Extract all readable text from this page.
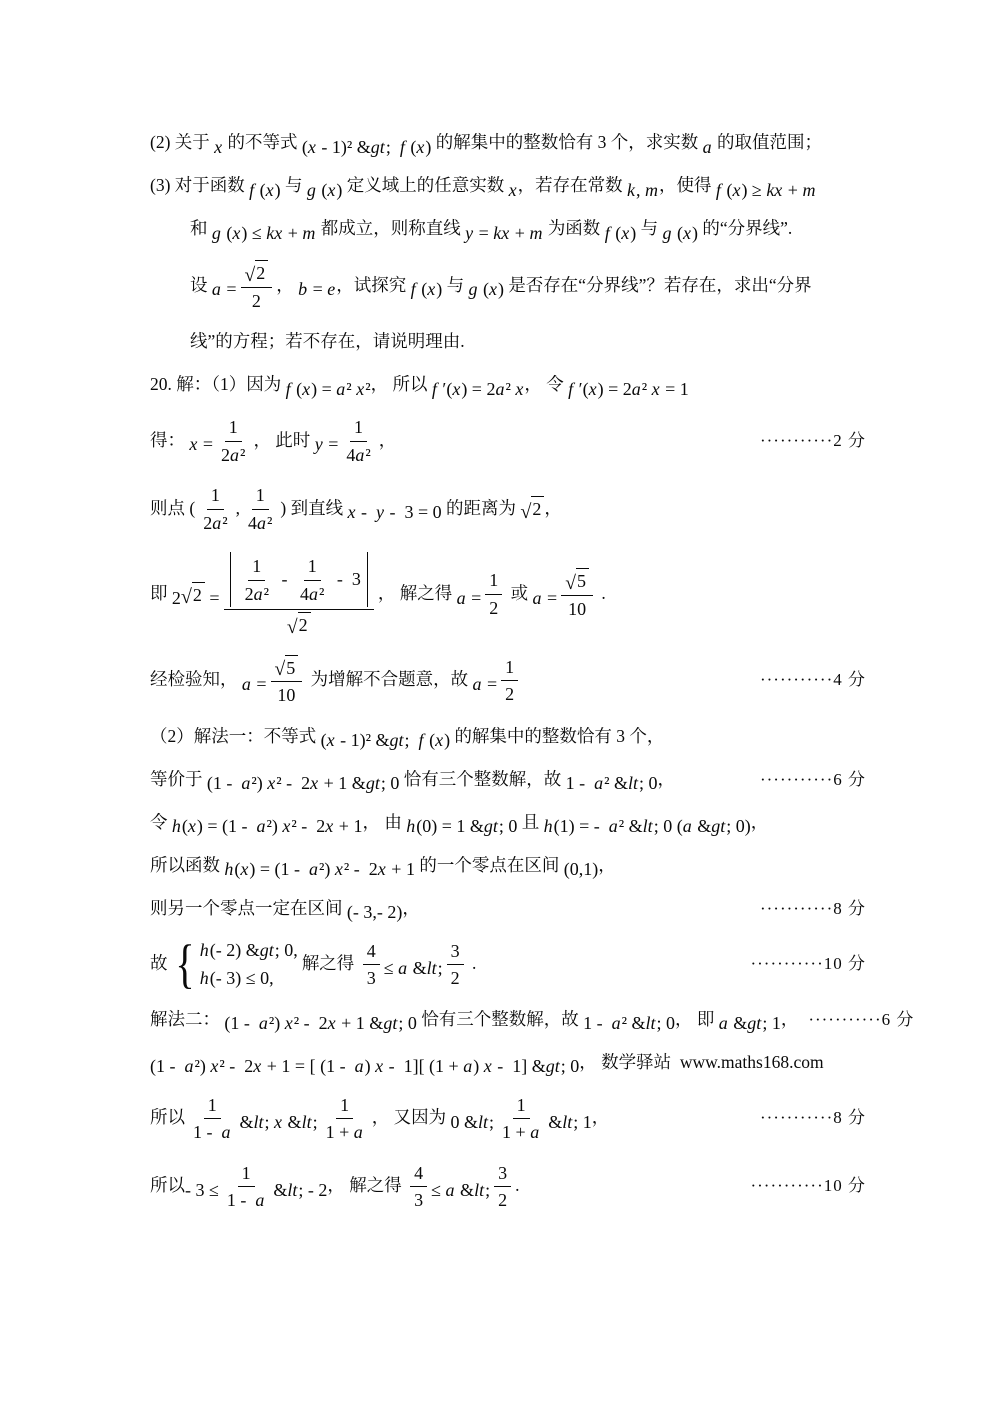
(2) 关于 x 的不等式 (x - 1)² &gt;  f (x) 的解集中的整数恰有 3 个，求实数 a 的取值范围；
(3) 对于函数 f (x) 与 g (x) 定义域上的任意实数 x ，若存在常数 k, m ，使得 f (x) ≥ kx + m
和 g (x) ≤ kx + m 都成立，则称直线 y = kx + m 为函数 f (x) 与 g (x) 的“分界线”.
设 $a = \frac{√ 2}{2}$ ， b = e ，试探究 f (x) 与 g (x) 是否存在“分界线”？若存在，求出“分界
线”的方程；若不存在，请说明理由.
20. 解：（1）因为 f (x) = a² x² ， 所以 f ′(x) = 2a² x ， 令 f ′(x) = 2a² x = 1
得： $x = \frac{1}{\text{2a²}}$ ， 此时 $y = \frac{1}{\text{4a²}}$ ，	···········2 分
则点 ( $\frac{1}{\text{2a²}}$ , $\frac{1}{\text{4a²}}$ ) 到直线 x -  y -  3 = 0 的距离为 √ 2 ，
即 2 √ $2 = \frac{\frac{1}{\text{2a²}} - \frac{1}{\text{4a²}} - 3}{√ 2}$ ， 解之得 $a = \frac{1}{2}$ 或 $a = \frac{√ 5}{10}$ .
经检验知， $a = \frac{√ 5}{10}$ 为增解不合题意，故 $a = \frac{1}{2}$	···········4 分
（2）解法一：不等式 (x - 1)² &gt;  f (x) 的解集中的整数恰有 3 个，
等价于 (1 -  a²) x² -  2x + 1 &gt; 0 恰有三个整数解，故 1 -  a² &lt; 0 ，	···········6 分
令 h(x) = (1 -  a²) x² -  2x + 1 ， 由 h(0) = 1 &gt; 0 且 h(1) = -  a² &lt; 0 (a &gt; 0) ，
所以函数 h(x) = (1 -  a²) x² -  2x + 1 的一个零点在区间 (0,1) ，
则另一个零点一定在区间 (- 3,- 2) ，	···········8 分
故 { h(- 2) &gt; 0,
h(- 3) ≤ 0,
解之得 $\frac{4}{3} \le a$ &lt; $\frac{3}{2}$ .	···········10 分
解法二： (1 -  a²) x² -  2x + 1 &gt; 0 恰有三个整数解，故 1 -  a² &lt; 0 ， 即 a &gt; 1 ， ···········6 分
(1 -  a²) x² -  2x + 1 = [ (1 -  a) x -  1][ (1 + a) x -  1] &gt; 0 ， 数学驿站  www.maths168.com
所以 $\frac{1}{1 - a}$ &lt; x &lt; $\frac{1}{1 + a}$ ， 又因为 0 &lt; $\frac{1}{1 + a}$ &lt; 1 ，	···········8 分
所以 - $3 \le \frac{1}{1 - a}$ &lt; - 2 ， 解之得 $\frac{4}{3} \le a$ &lt; $\frac{3}{2}$ .	···········10 分
